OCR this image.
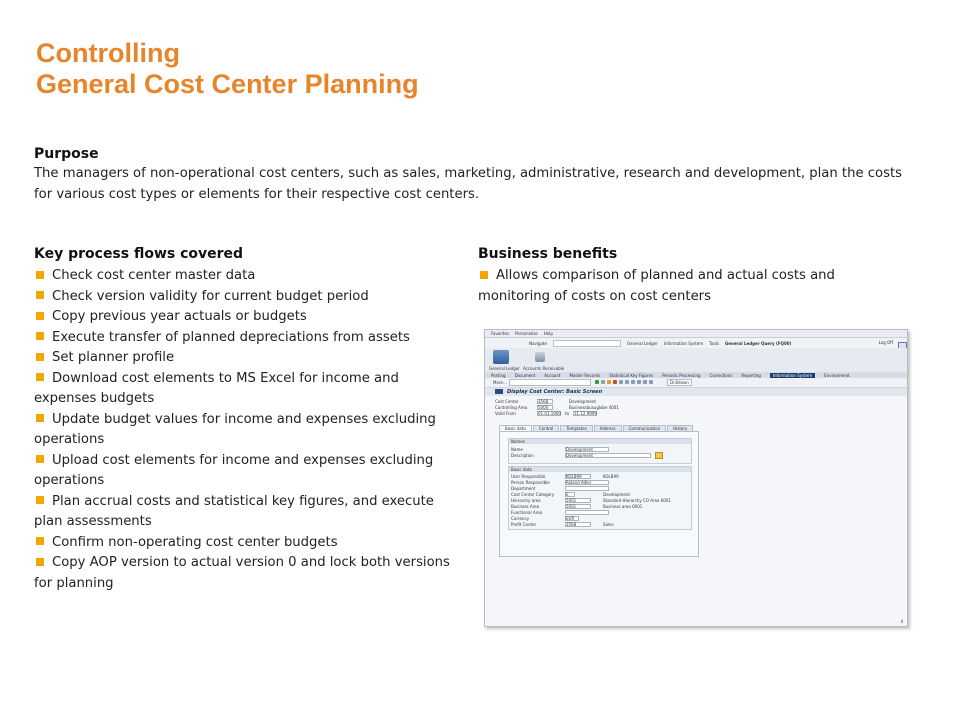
Controlling
General Cost Center Planning
Purpose
The managers of non-operational cost centers, such as sales, marketing, administrative, research and development, plan the costs for various cost types or elements for their respective cost centers.
Key process flows covered
Check cost center master data
Check version validity for current budget period
Copy previous year actuals or budgets
Execute transfer of planned depreciations from assets
Set planner profile
Download cost elements to MS Excel for income and expenses budgets
Update budget values for income and expenses excluding operations
Upload cost elements for income and expenses excluding operations
Plan accrual costs and statistical key figures, and execute plan assessments
Confirm non-operating cost center budgets
Copy AOP version to actual version 0 and lock both versions for planning
Business benefits
Allows comparison of planned and actual costs and monitoring of costs on cost centers
Favorites Personalize Help
Navigate	General Ledger Information System Tools General Ledger Query (FQ00)	Log Off
General Ledger Accounts Receivable
Posting Document Account Master Records Statistical Key Figures Periodic Processing Corrections Reporting	Information System	Environment
More...	Drilldown
Display Cost Center: Basic Screen
Cost Center	3568	Development
Controlling Area	5000	Businessbusuglobe 4001
Valid From	01.01.1900 to 31.12.9999
Basic data	Control	Templates	Address	Communication	History
Names
Name	Development
Description	Development
Basic data
User Responsible	KOLB99	KOLB99
Person Responsible	Roland Adler
Department
Cost Center Category	E	Development
Hierarchy area	5001	Standard Hierarchy CO Area 6001
Business Area	5001	Business area 6001
Functional Area
Currency	EUR
Profit Center	3568	Sales
4
